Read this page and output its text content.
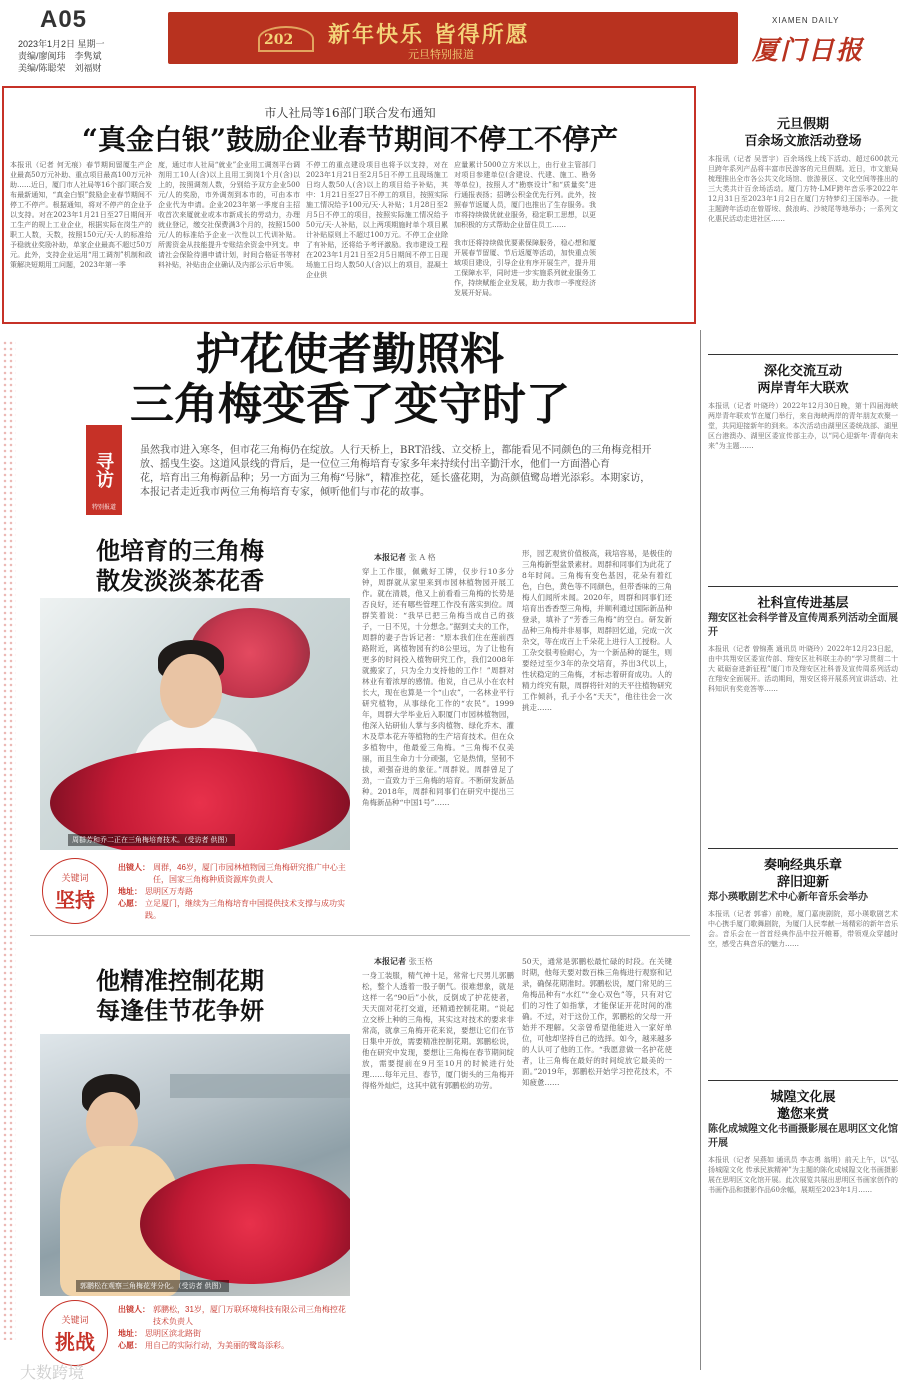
A05
2023年1月2日 星期一
责编/廖闽玮　李隽斌
美编/陈聪荣　刘福财
202 新年快乐 皆得所愿
元旦特别报道
XIAMEN DAILY
厦门日报
市人社局等16部门联合发布通知
“真金白银”鼓励企业春节期间不停工不停产
本报讯（记者 何无痕）春节期间留厦生产企业最高50万元补助、重点项目最高100万元补助……近日，厦门市人社局等16个部门联合发布最新通知，“真金白银”鼓励企业春节期间不停工不停产。根据通知，将对不停产的企业予以支持。对在2023年1月21日至27日期间开工生产的规上工业企业，根据实际在岗生产的职工人数，天数，按照150元/天·人的标准给予稳就业奖励补助，单家企业最高不超过50万元。此外，支持企业运用“用工调剂”机制和政策解决短期用工问题，2023年第一季
度，通过市人社局“就业”企业用工调剂平台调剂用工10人(含)以上且用工到岗1个月(含)以上的，按照调剂人数，分别给予双方企业500元/人的奖励，市外调剂到本市的，可由本市企业代为申请。企业2023年第一季度自主招收首次来厦就业或本市新成长的劳动力，办理就业登记，缴交社保费满3个月的，按照1500元/人的标准给予企业一次性以工代训补贴。所需资金从技能提升专账结余资金中列支。申请社会保险待遇申请计划，时间合格证书等材料补贴，补贴由企业确认及内部公示后申领。
不停工的重点建设项目也将予以支持，对在2023年1月21日至2月5日不停工且现场施工日均人数50人(含)以上的项目给予补贴，其中：1月21日至27日不停工的项目，按照实际施工情况给予100元/天·人补贴；1月28日至2月5日不停工的项目，按照实际施工情况给予50元/天·人补贴，以上两项期施时单个项目累计补贴原则上不超过100万元。不停工企业除了有补贴，还将给予考评激励。我市建设工程在2023年1月21日至2月5日期间不停工日现场施工日均人数50人(含)以上的项目，混凝土企业供
应量累计5000立方米以上，由行业主管部门对项目参建单位(含建设、代建、施工、勘务等单位)，按照人才“勘察设计”和“质量奖”进行通报表扬；招聘公积金优先行列。此外，按照春节返厦人员，厦门也推出了生存服务。我市将持续做优就业服务，稳定职工思想，以更加积极的方式帮助企业留住员工……
我市还将持续做优要素保障服务，稳心想和厦开展春节留厦、节后返厦等活动，加快重点领域项目建设，引导企业有序开展生产，提升用工保障水平，同时进一步实施系列就业服务工作，持续赋能企业发展，助力我市一季度经济发展开好局。
护花使者勤照料
三角梅变香了变守时了
寻访
特别报道
虽然我市进入寒冬，但市花三角梅仍在绽放。人行天桥上，BRT沿线、立交桥上，都能看见不同颜色的三角梅竞相开放、摇曳生姿。这道风景线的背后，是一位位三角梅培育专家多年来持续付出辛勤汗水，他们一方面潜心育
花，培育出三角梅新品种；另一方面为三角梅“号脉”，精准控花，延长盛花期，为高颜值鹭岛增光添彩。本期家访，本报记者走近我市两位三角梅培育专家，倾听他们与市花的故事。
他培育的三角梅
散发淡淡茶花香
周群芳和乔二正在三角梅培育技术。（受访者 供图）
关键词
坚持
出镜人： 周群，46岁，厦门市园林植物园三角梅研究推广中心主任，国家三角梅种质资源库负责人
地址： 思明区万寿路
心愿： 立足厦门，继续为三角梅培育中国提供技术支撑与成功实践。
本报记者 张 A 格
穿上工作服，佩戴好工牌，仅步行10多分钟，周群就从家里来到市园林植物园开展工作。就在清晨，他又上前看看三角梅的长势是否良好，还有哪些管理工作没有落实到位。周群笑着说：“我早已把三角梅当成自己的孩子，一日不见，十分想念。”据到丈夫的工作，周群的妻子告诉记者：“原本我们住在莲前西路附近，离植物园有约8公里远，为了让他有更多的时间投入植物研究工作，我们2008年就搬家了，只为全力支持他的工作！”周群对林业有着浓厚的感情。他说，自己从小在农村长大，现在也算是一个“山农”，一名林业平行研究植物，从事绿化工作的“农民”。1999年，周群大学毕业后入职厦门市园林植物园，他深入钻研仙人掌与多肉植物、绿化乔木、灌木及草本花卉等植物的生产培育技术。但在众多植物中，他最爱三角梅。“三角梅不仅美丽，而且生命力十分顽强，它是热情，坚韧不拔，顽强奋进的象征。”周群说。周群曾足了劲，一直致力于三角梅的培育。不断研发新品种。2018年，周群和同事们在研究中提出三角梅新品种“中国1号”……
形，园艺观赏价值极高，栽培容易，是极佳的三角梅新型盆景素材。周群和同事们为此花了8年时间。三角梅有变色基因，花朵有着红色，白色，黄色等不同颜色，但带香味的三角梅人们闻所未闻。2020年，周群和同事们还培育出香香型三角梅，并顺利通过国际新品种登录，填补了“芳香三角梅”的空白。研发新品种三角梅并非易事，周群回忆道，完成一次杂交，等在成百上千朵花上进行人工授粉。人工杂交很考验耐心，为一个新品种的诞生，则要经过至少3年的杂交培育，养出3代以上，性状稳定的三角梅，才标志着研育成功。人的精力终究有限，周群将针对的天平往植物研究工作倾斜，孔子小名“天天”，他往往会一次挑走……
他精准控制花期
每逢佳节花争妍
郭鹏松在观察三角梅花芽分化。（受访者 供图）
关键词
挑战
出镜人： 郭鹏松，31岁，厦门万联环境科技有限公司三角梅控花技术负责人
地址： 思明区滨北路街
心愿： 用自己的实际行动，为美丽的鹭岛添彩。
本报记者 张玉格
一身工装服，精气神十足，常常七尺男儿郭鹏松，整个人透着一股子朝气。很难想象，就是这样一名“90后”小伙，反倒成了护花使者，天天面对花打交道，还精通控制花期。“说起立交桥上种的三角梅，其实这对技术的要求非常高，就拿三角梅开花来说，要想让它们在节日集中开放，需要精准控制花期。郭鹏松说，他在研究中发现，要想让三角梅在春节期间绽放，需要提前在9月至10月的时候进行处理……每年元旦、春节，厦门街头的三角梅开得格外灿烂，这其中就有郭鹏松的功劳。
50天，通常是郭鹏松最忙碌的时段。在关键时期，他每天要对数百株三角梅进行观察和记录，确保花期准时。郭鹏松说，厦门常见的三角梅品种有“水红”“金心双色”等，只有对它们的习性了如指掌，才能保证开花时间的准确。不过，对于这份工作，郭鹏松的父母一开始并不理解。父亲曾希望他能进入一家好单位，可他却坚持自己的选择。如今，越来越多的人认可了他的工作。“我愿意做一名护花使者，让三角梅在最好的时间绽放它最美的一面。”2019年，郭鹏松开始学习控花技术，不知疲惫……
元旦假期
百余场文旅活动登场
本报讯（记者 吴晋宇）百余场线上线下活动、超过600款元旦跨年系列产品将丰富市民游客的元旦假期。近日，市文旅局梳理推出全市各公共文化场馆、旅游景区、文化空间等推出的三大类共计百余场活动。厦门方特·LMF跨年音乐季2022年12月31日至2023年1月2日在厦门方特梦幻王国举办。一批主题跨年活动在曾厝垵、鼓浪屿、沙坡尾等地举办；一系列文化惠民活动走进社区……
深化交流互动
两岸青年大联欢
本报讯（记者 叶晓玲）2022年12月30日晚，第十四届海峡两岸青年联欢节在厦门举行，来自海峡两岸的青年朋友欢聚一堂，共同迎接新年的到来。本次活动由湖里区委统战部、湖里区台港澳办、湖里区委宣传部主办，以“同心迎新年·青春向未来”为主题……
社科宣传进基层
翔安区社会科学普及宣传周系列活动全面展开
本报讯（记者 曾锦燕 通讯员 叶晓玲）2022年12月23日起，由中共翔安区委宣传部、翔安区社科联主办的“学习贯彻二十大 砥砺奋进新征程”厦门市及翔安区社科普及宣传周系列活动在翔安全面展开。活动期间，翔安区将开展系列宣讲活动、社科知识有奖竞答等……
奏响经典乐章
辞旧迎新
郑小瑛歌剧艺术中心新年音乐会举办
本报讯（记者 郭睿）前晚，厦门嘉庚剧院，郑小瑛歌剧艺术中心携手厦门歌舞剧院，为厦门人民奉献一场精彩的新年音乐会。音乐会在一首首经典作品中拉开帷幕，带领观众穿越时空，感受古典音乐的魅力……
城隍文化展
邀您来赏
陈化成城隍文化书画摄影展在思明区文化馆开展
本报讯（记者 吴燕如 通讯员 李志勇 翁明）前天上午，以“弘扬城隍文化 传承民族精神”为主题的陈化成城隍文化书画摄影展在思明区文化馆开展。此次展览共展出思明区书画家创作的书画作品和摄影作品60余幅，展期至2023年1月……
大数跨境
